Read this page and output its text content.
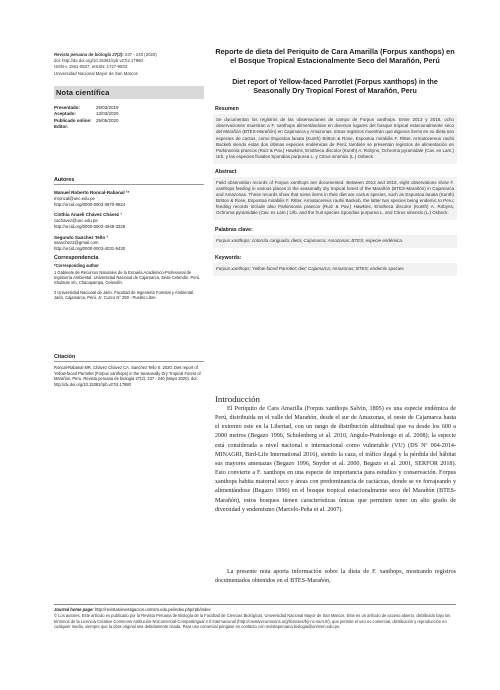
Revista peruana de biología 27(2): 237 - 240 (2020)
doi: http://dx.doi.org/10.15381/rpb.v27i2.17880
ISSN-L 1561-0837; eISSN: 1727-9933
Universidad Nacional Mayor de San Marcos
Nota científica
Presentado:	25/03/2019
Aceptado:	13/03/2020
Publicado online: 25/05/2020
Editor:
Autores
Manuel Roberto Roncal-Rabanal ¹*
mroncal@unc.edu.pe
http://orcid.org/0000-0003-3870-9824
Cinthia Anaeli Chávez Chávez ²
cachavez@unc.edu.pe
http://orcid.org/0000-0003-4948-3328
Segundo Sanchez Tello ²
ssanchez2@gmail.com
http://orcid.org/0000-0003-4031-9430
Correspondencia
*Corresponding author
1 Gabinete de Recursos Naturales de la Escuela Académico-Profesional de Ingeniería Ambiental. Universidad Nacional de Cajamarca, Sede Celendín. Perú. Shulitute s/n, Chacapampa, Celendín.
2 Universidad Nacional de Jaén. Facultad de Ingeniería Forestal y Ambiental. Jaén, Cajamarca, Perú. Jr. Cuzco N° 250 - Pueblo Libre.
Citación
Roncal-Rabanal MR, Chávez Chávez CA, Sanchez Tello S. 2020. Diet report of Yellow-faced Parrotlet (Forpus xanthops) in the Seasonally Dry Tropical Forest of Marañón, Peru. Revista peruana de biología 27(2): 237 - 240 (Mayo 2020). doi: http://dx.doi.org/10.15381/rpb.v27i2.17880
Reporte de dieta del Periquito de Cara Amarilla (Forpus xanthops) en el Bosque Tropical Estacionalmente Seco del Marañón, Perú
Diet report of Yellow-faced Parrotlet (Forpus xanthops) in the Seasonally Dry Tropical Forest of Marañón, Peru
Resumen
Se documentan los registros de las observaciones de campo de Forpus xanthops. Entre 2013 y 2018, ocho observaciones muestran a F. xanthops alimentándose en diversos lugares del bosque tropical estacionalmente seco del Marañón (BTES-Marañón) en Cajamarca y Amazonas. Estos registros muestran que algunos ítems en su dieta son especies de cactus, como Espostoa lanata (Kunth) Britton & Rose, Espostoa mirabilis F. Ritter, Armatocereus rauhii Backeb siendo estas dos últimas especies endémicas de Perú; también se presentan registros de alimentación en Parkinsonia praecox (Ruiz & Pav.) Hawkins, Eriotheca discolor (Kunth) A. Robyns, Ochroma pyramidale (Cav. ex Lam.) Urb. y las especies frutales Spondias purpurea L. y Citrus sinensis (L.) Osbeck.
Abstract
Field observation records of Forpus xanthops are documented. Between 2013 and 2018, eight observations show F. xanthops feeding in various places in the seasonally dry tropical forest of the Marañón (BTES-Marañón) in Cajamarca and Amazonas. These records show that some items in their diet are cactus species, such as Espostoa lanata (Kunth) Britton & Rose, Espostoa mirabilis F. Ritter, Armatocereus rauhii Backeb, the latter two species being endemic to Peru; feeding records include also Parkinsonia praecox (Ruiz & Pav.) Hawkins, Eriotheca discolor (Kunth) A. Robyns, Ochroma pyramidale (Cav. ex Lam.) Urb. and the fruit species Spondias purpurea L. and Citrus sinensis (L.) Osbeck.
Palabras clave:
Forpus xanthops; cotorrita cariguaila; dieta; Cajamarca; Amazonas; BTES; especie endémica.
Keywords:
Forpus xanthops; Yellow-faced Parrotlet; diet; Cajamarca; Amazonas; BTES; endemic species.
Introducción
El Periquito de Cara Amarilla (Forpus xanthops Salvin, 1895) es una especie endémica de Perú, distribuida en el valle del Marañón, desde el sur de Amazonas, el oeste de Cajamarca hasta el extremo este en la Libertad, con un rango de distribución altitudinal que va desde los 600 a 2000 metros (Begazo 1996, Schulenberg et al. 2010, Angulo-Pratolongo et al. 2008); la especie está considerada a nivel nacional e internacional como vulnerable (VU) (DS Nº 004-2014-MINAGRI, Bird-Life International 2016), siendo la caza, el tráfico ilegal y la pérdida del hábitat sus mayores amenazas (Begazo 1996, Snyder et al. 2000, Begazo et al. 2001, SERFOR 2018). Esto convierte a F. xanthops en una especie de importancia para estudios y conservación. Forpus xanthops habita matorral seco y áreas con predominancia de cactáceas, donde se ve forrajeando y alimentándose (Begazo 1996) en el bosque tropical estacionalmente seco del Marañón (BTES-Marañón), estos bosques tienen características únicas que permiten tener un alto grado de diversidad y endemismo (Marcelo-Peña et al. 2007).
La presente nota aporta información sobre la dieta de F. xanthops, mostrando registros documentados obtenidos en el BTES-Marañón,
Journal home page: http://revistasinvestigacion.unmsm.edu.pe/index.php/rpb/index
© Los autores. Este artículo es publicado por la Revista Peruana de Biología de la Facultad de Ciencias Biológicas, Universidad Nacional Mayor de San Marcos. Este es un artículo de acceso abierto, distribuido bajo los términos de la Licencia Creative Commons Atribución-NoComercial-CompartirIgual 4.0 Internacional (http://creativecommons.org/licenses/by-nc-sa/4.0/), que permite el uso no comercial, distribución y reproducción en cualquier medio, siempre que la obra original sea debidamente citada. Para uso comercial póngase en contacto con revistaperuana.biologia@unmsm.edu.pe.
